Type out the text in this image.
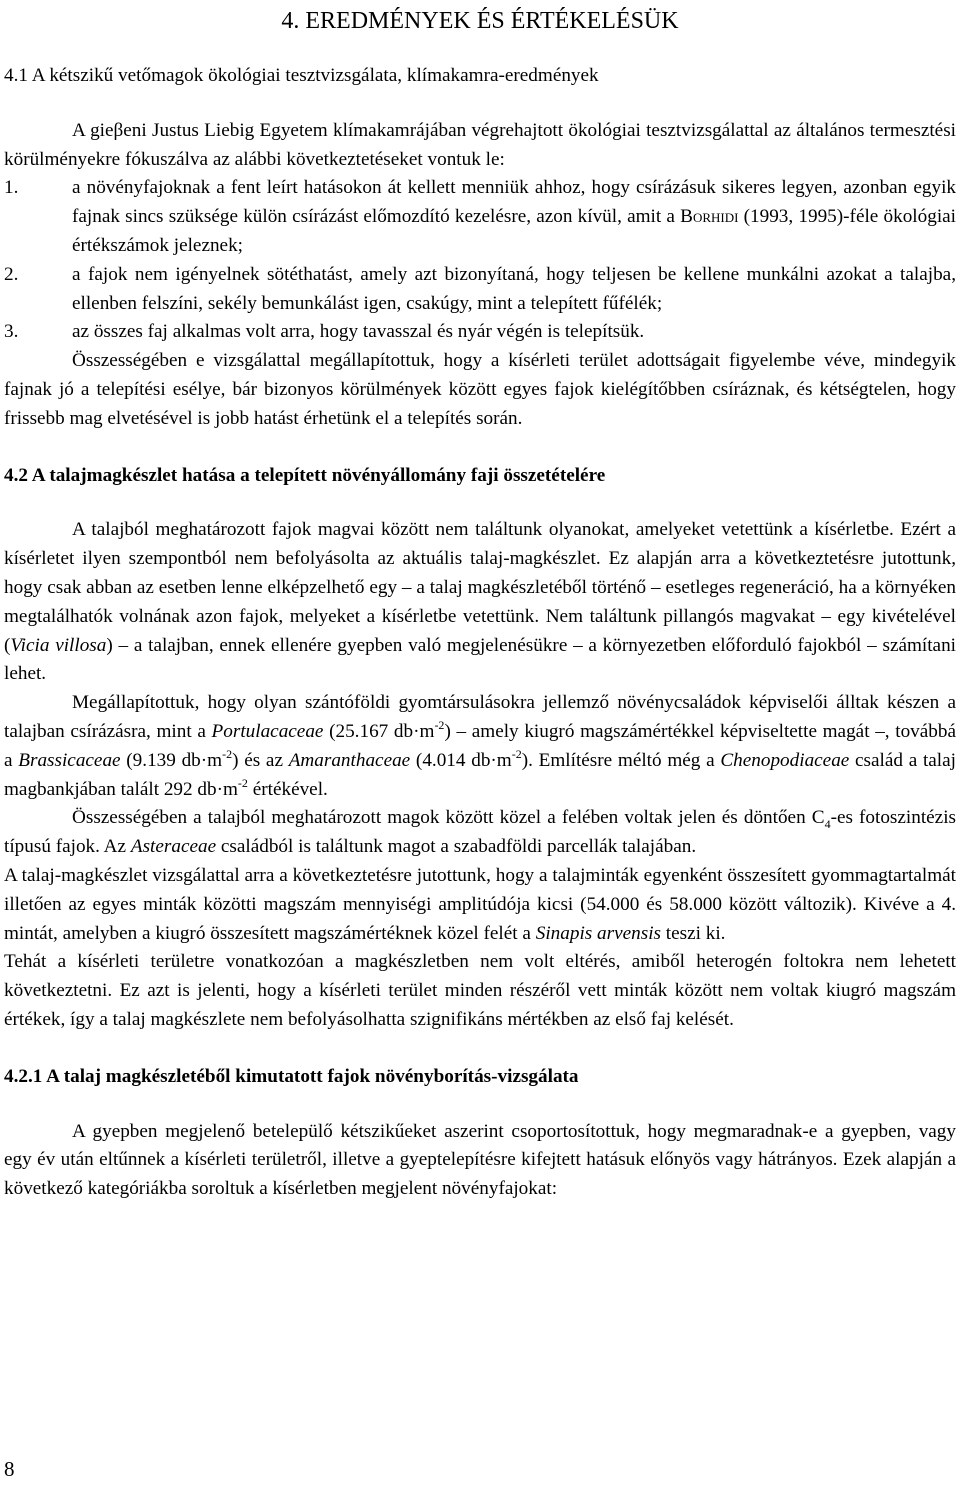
4. EREDMÉNYEK ÉS ÉRTÉKELÉSÜK
4.1 A kétszikű vetőmagok ökológiai tesztvizsgálata, klímakamra-eredmények

A gieβeni Justus Liebig Egyetem klímakamrájában végrehajtott ökológiai tesztvizsgálattal az általános termesztési körülményekre fókuszálva az alábbi következtetéseket vontuk le:

1.	a növényfajoknak a fent leírt hatásokon át kellett menniük ahhoz, hogy csírázásuk sikeres legyen, azonban egyik fajnak sincs szüksége külön csírázást előmozdító kezelésre, azon kívül, amit a Borhidi (1993, 1995)-féle ökológiai értékszámok jeleznek;
2.	a fajok nem igényelnek sötéthatást, amely azt bizonyítaná, hogy teljesen be kellene munkálni azokat a talajba, ellenben felszíni, sekély bemunkálást igen, csakúgy, mint a telepített fűfélék;
3.	az összes faj alkalmas volt arra, hogy tavasszal és nyár végén is telepítsük.

Összességében e vizsgálattal megállapítottuk, hogy a kísérleti terület adottságait figyelembe véve, mindegyik fajnak jó a telepítési esélye, bár bizonyos körülmények között egyes fajok kielégítőbben csíráznak, és kétségtelen, hogy frissebb mag elvetésével is jobb hatást érhetünk el a telepítés során.

4.2 A talajmagkészlet hatása a telepített növényállomány faji összetételére

A talajból meghatározott fajok magvai között nem találtunk olyanokat, amelyeket vetettünk a kísérletbe. Ezért a kísérletet ilyen szempontból nem befolyásolta az aktuális talaj-magkészlet. Ez alapján arra a következtetésre jutottunk, hogy csak abban az esetben lenne elképzelhető egy – a talaj magkészletéből történő – esetleges regeneráció, ha a környéken megtalálhatók volnának azon fajok, melyeket a kísérletbe vetettünk. Nem találtunk pillangós magvakat – egy kivételével (Vicia villosa) – a talajban, ennek ellenére gyepben való megjelenésükre – a környezetben előforduló fajokból – számítani lehet.

Megállapítottuk, hogy olyan szántóföldi gyomtársulásokra jellemző növénycsaládok képviselői álltak készen a talajban csírázásra, mint a Portulacaceae (25.167 $db\cdot m^{-2}$) – amely kiugró magszámértékkel képviseltette magát –, továbbá a Brassicaceae (9.139 $db\cdot m^{-2}$) és az Amaranthaceae (4.014 $db\cdot m^{-2}$). Említésre méltó még a Chenopodiaceae család a talaj magbankjában talált 292 $db\cdot m^{-2}$ értékével.

Összességében a talajból meghatározott magok között közel a felében voltak jelen és döntően $C_4-es$ fotoszintézis típusú fajok. Az Asteraceae családból is találtunk magot a szabadföldi parcellák talajában.

A talaj-magkészlet vizsgálattal arra a következtetésre jutottunk, hogy a talajminták egyenként összesített gyommagtartalmát illetően az egyes minták közötti magszám mennyiségi amplitúdója kicsi (54.000 és 58.000 között változik). Kivéve a 4. mintát, amelyben a kiugró összesített magszámértéknek közel felét a Sinapis arvensis teszi ki.

Tehát a kísérleti területre vonatkozóan a magkészletben nem volt eltérés, amiből heterogén foltokra nem lehetett következtetni. Ez azt is jelenti, hogy a kísérleti terület minden részéről vett minták között nem voltak kiugró magszám értékek, így a talaj magkészlete nem befolyásolhatta szignifikáns mértékben az első faj kelését.

4.2.1 A talaj magkészletéből kimutatott fajok növényborítás-vizsgálata

A gyepben megjelenő betelepülő kétszikűeket aszerint csoportosítottuk, hogy megmaradnak-e a gyepben, vagy egy év után eltűnnek a kísérleti területről, illetve a gyeptelepítésre kifejtett hatásuk előnyös vagy hátrányos. Ezek alapján a következő kategóriákba soroltuk a kísérletben megjelent növényfajokat:

8
